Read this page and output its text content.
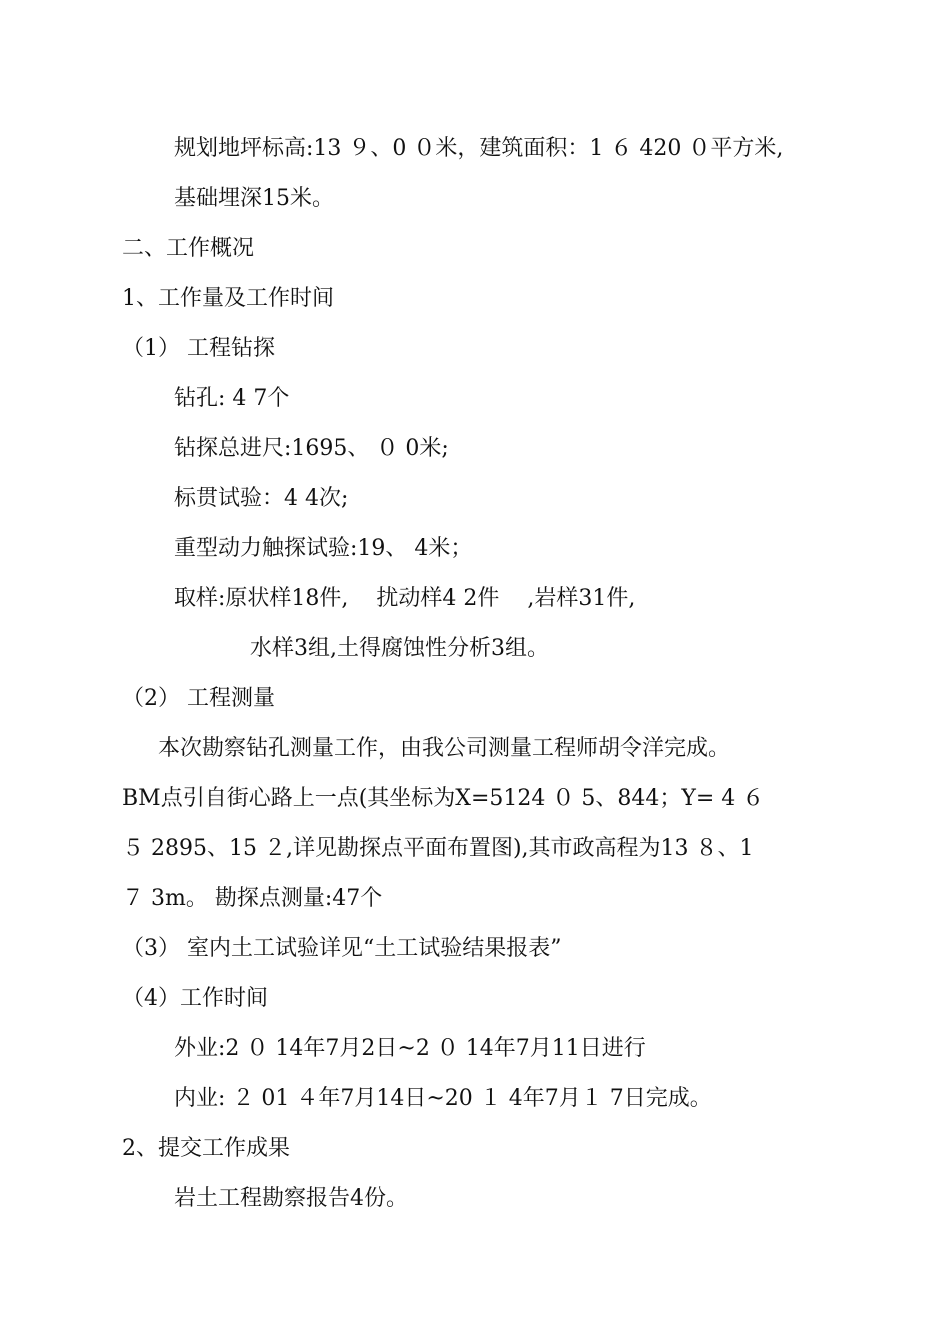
规划地坪标高:13 ９、0 ０米，建筑面积：1 ６ 420 ０平方米,
基础埋深15米。
二、工作概况
1、工作量及工作时间
（1） 工程钻探
钻孔: 4 7个
钻探总进尺:1695、 ０ 0米;
标贯试验：4 4次;
重型动力触探试验:19、 4米；
取样:原状样18件,    扰动样4 2件    ,岩样31件,
水样3组,土得腐蚀性分析3组。
（2） 工程测量
本次勘察钻孔测量工作，由我公司测量工程师胡令洋完成。
BM点引自街心路上一点(其坐标为X=5124 ０ 5、844；Y= 4 ６
５ 2895、15 ２,详见勘探点平面布置图),其市政高程为13 ８、1
７ 3m。 勘探点测量:47个
（3） 室内土工试验详见“土工试验结果报表”
（4）工作时间
外业:2 ０ 14年7月2日~2 ０ 14年7月11日进行
内业: ２ 01 ４年7月14日~20 １ 4年7月１ 7日完成。
2、提交工作成果
岩土工程勘察报告4份。
